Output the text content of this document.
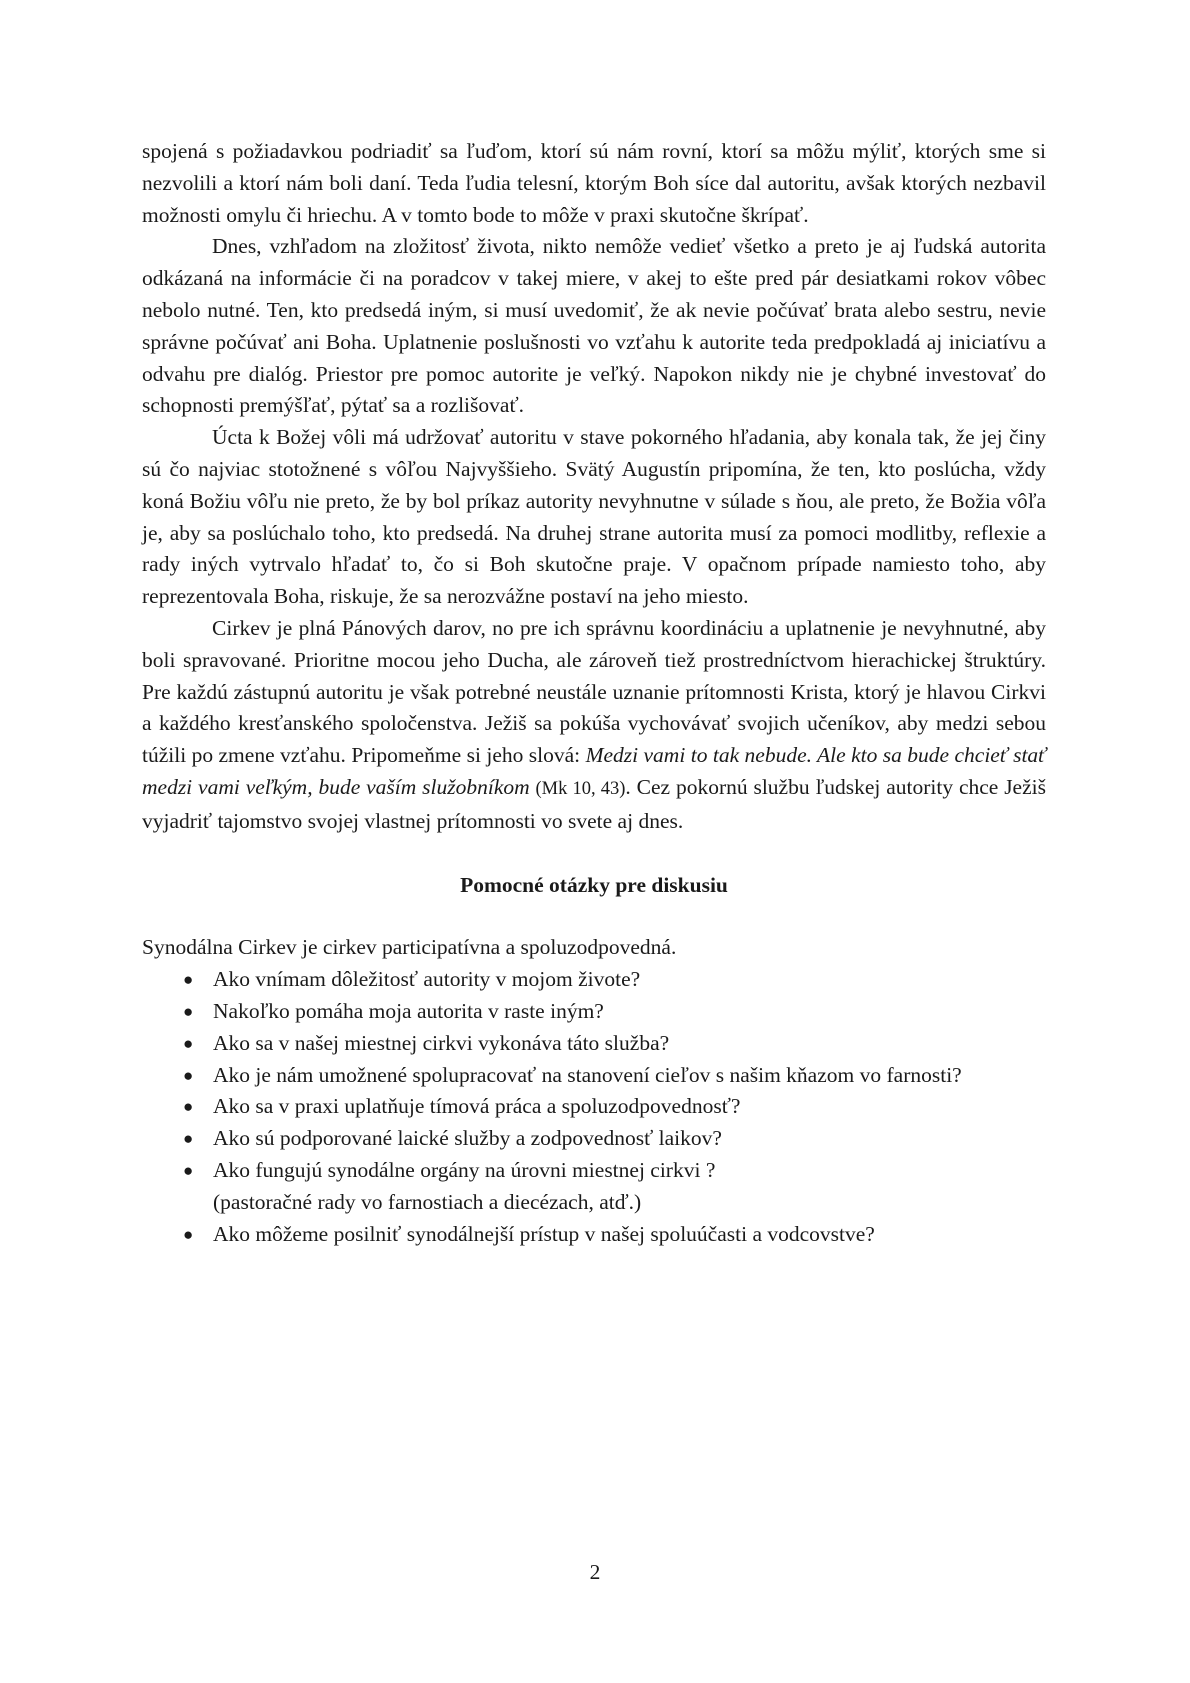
spojená s požiadavkou podriadiť sa ľuďom, ktorí sú nám rovní, ktorí sa môžu mýliť, ktorých sme si nezvolili a ktorí nám boli daní. Teda ľudia telesní, ktorým Boh síce dal autoritu, avšak ktorých nezbavil možnosti omylu či hriechu. A v tomto bode to môže v praxi skutočne škrípať.

Dnes, vzhľadom na zložitosť života, nikto nemôže vedieť všetko a preto je aj ľudská autorita odkázaná na informácie či na poradcov v takej miere, v akej to ešte pred pár desiatkami rokov vôbec nebolo nutné. Ten, kto predsedá iným, si musí uvedomiť, že ak nevie počúvať brata alebo sestru, nevie správne počúvať ani Boha. Uplatnenie poslušnosti vo vzťahu k autorite teda predpokladá aj iniciatívu a odvahu pre dialóg. Priestor pre pomoc autorite je veľký. Napokon nikdy nie je chybné investovať do schopnosti premýšľať, pýtať sa a rozlišovať.

Úcta k Božej vôli má udržovať autoritu v stave pokorného hľadania, aby konala tak, že jej činy sú čo najviac stotožnené s vôľou Najvyššieho. Svätý Augustín pripomína, že ten, kto poslúcha, vždy koná Božiu vôľu nie preto, že by bol príkaz autority nevyhnutne v súlade s ňou, ale preto, že Božia vôľa je, aby sa poslúchalo toho, kto predsedá. Na druhej strane autorita musí za pomoci modlitby, reflexie a rady iných vytrvalo hľadať to, čo si Boh skutočne praje. V opačnom prípade namiesto toho, aby reprezentovala Boha, riskuje, že sa nerozvážne postaví na jeho miesto.

Cirkev je plná Pánových darov, no pre ich správnu koordináciu a uplatnenie je nevyhnutné, aby boli spravované. Prioritne mocou jeho Ducha, ale zároveň tiež prostredníctvom hierachickej štruktúry. Pre každú zástupnú autoritu je však potrebné neustále uznanie prítomnosti Krista, ktorý je hlavou Cirkvi a každého kresťanského spoločenstva. Ježiš sa pokúša vychovávať svojich učeníkov, aby medzi sebou túžili po zmene vzťahu. Pripomeňme si jeho slová: Medzi vami to tak nebude. Ale kto sa bude chcieť stať medzi vami veľkým, bude vaším služobníkom (Mk 10, 43). Cez pokornú službu ľudskej autority chce Ježiš vyjadriť tajomstvo svojej vlastnej prítomnosti vo svete aj dnes.

Pomocné otázky pre diskusiu

Synodálna Cirkev je cirkev participatívna a spoluzodpovedná.

● Ako vnímam dôležitosť autority v mojom živote?
● Nakoľko pomáha moja autorita v raste iným?
● Ako sa v našej miestnej cirkvi vykonáva táto služba?
● Ako je nám umožnené spolupracovať na stanovení cieľov s našim kňazom vo farnosti?
● Ako sa v praxi uplatňuje tímová práca a spoluzodpovednosť?
● Ako sú podporované laické služby a zodpovednosť laikov?
● Ako fungujú synodálne orgány na úrovni miestnej cirkvi ?
(pastoračné rady vo farnostiach a diecézach, atď.)
● Ako môžeme posilniť synodálnejší prístup v našej spoluúčasti a vodcovstve?
2
